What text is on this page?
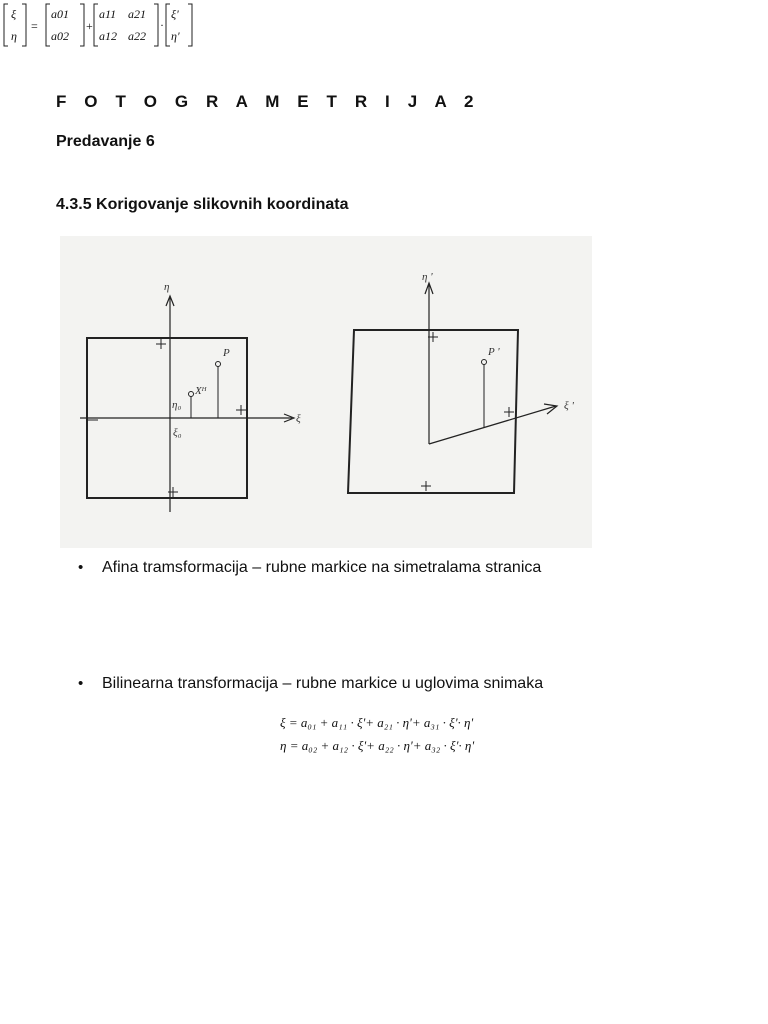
F O T O G R A M E T R I J A 2
Predavanje 6
4.3.5 Korigovanje slikovnih koordinata
η
ξ
P
η₀
Xᴴ
ξ₀
η '
ξ '
P '
•	Afina tramsformacija – rubne markice na simetralama stranica
ξ
η
=
a01
a02
+
a11 a21
a12 a22
·
ξ'
η'
•	Bilinearna transformacija – rubne markice u uglovima snimaka
ξ = a₀₁ + a₁₁ · ξ'+ a₂₁ · η'+ a₃₁ · ξ'· η'
η = a₀₂ + a₁₂ · ξ'+ a₂₂ · η'+ a₃₂ · ξ'· η'
